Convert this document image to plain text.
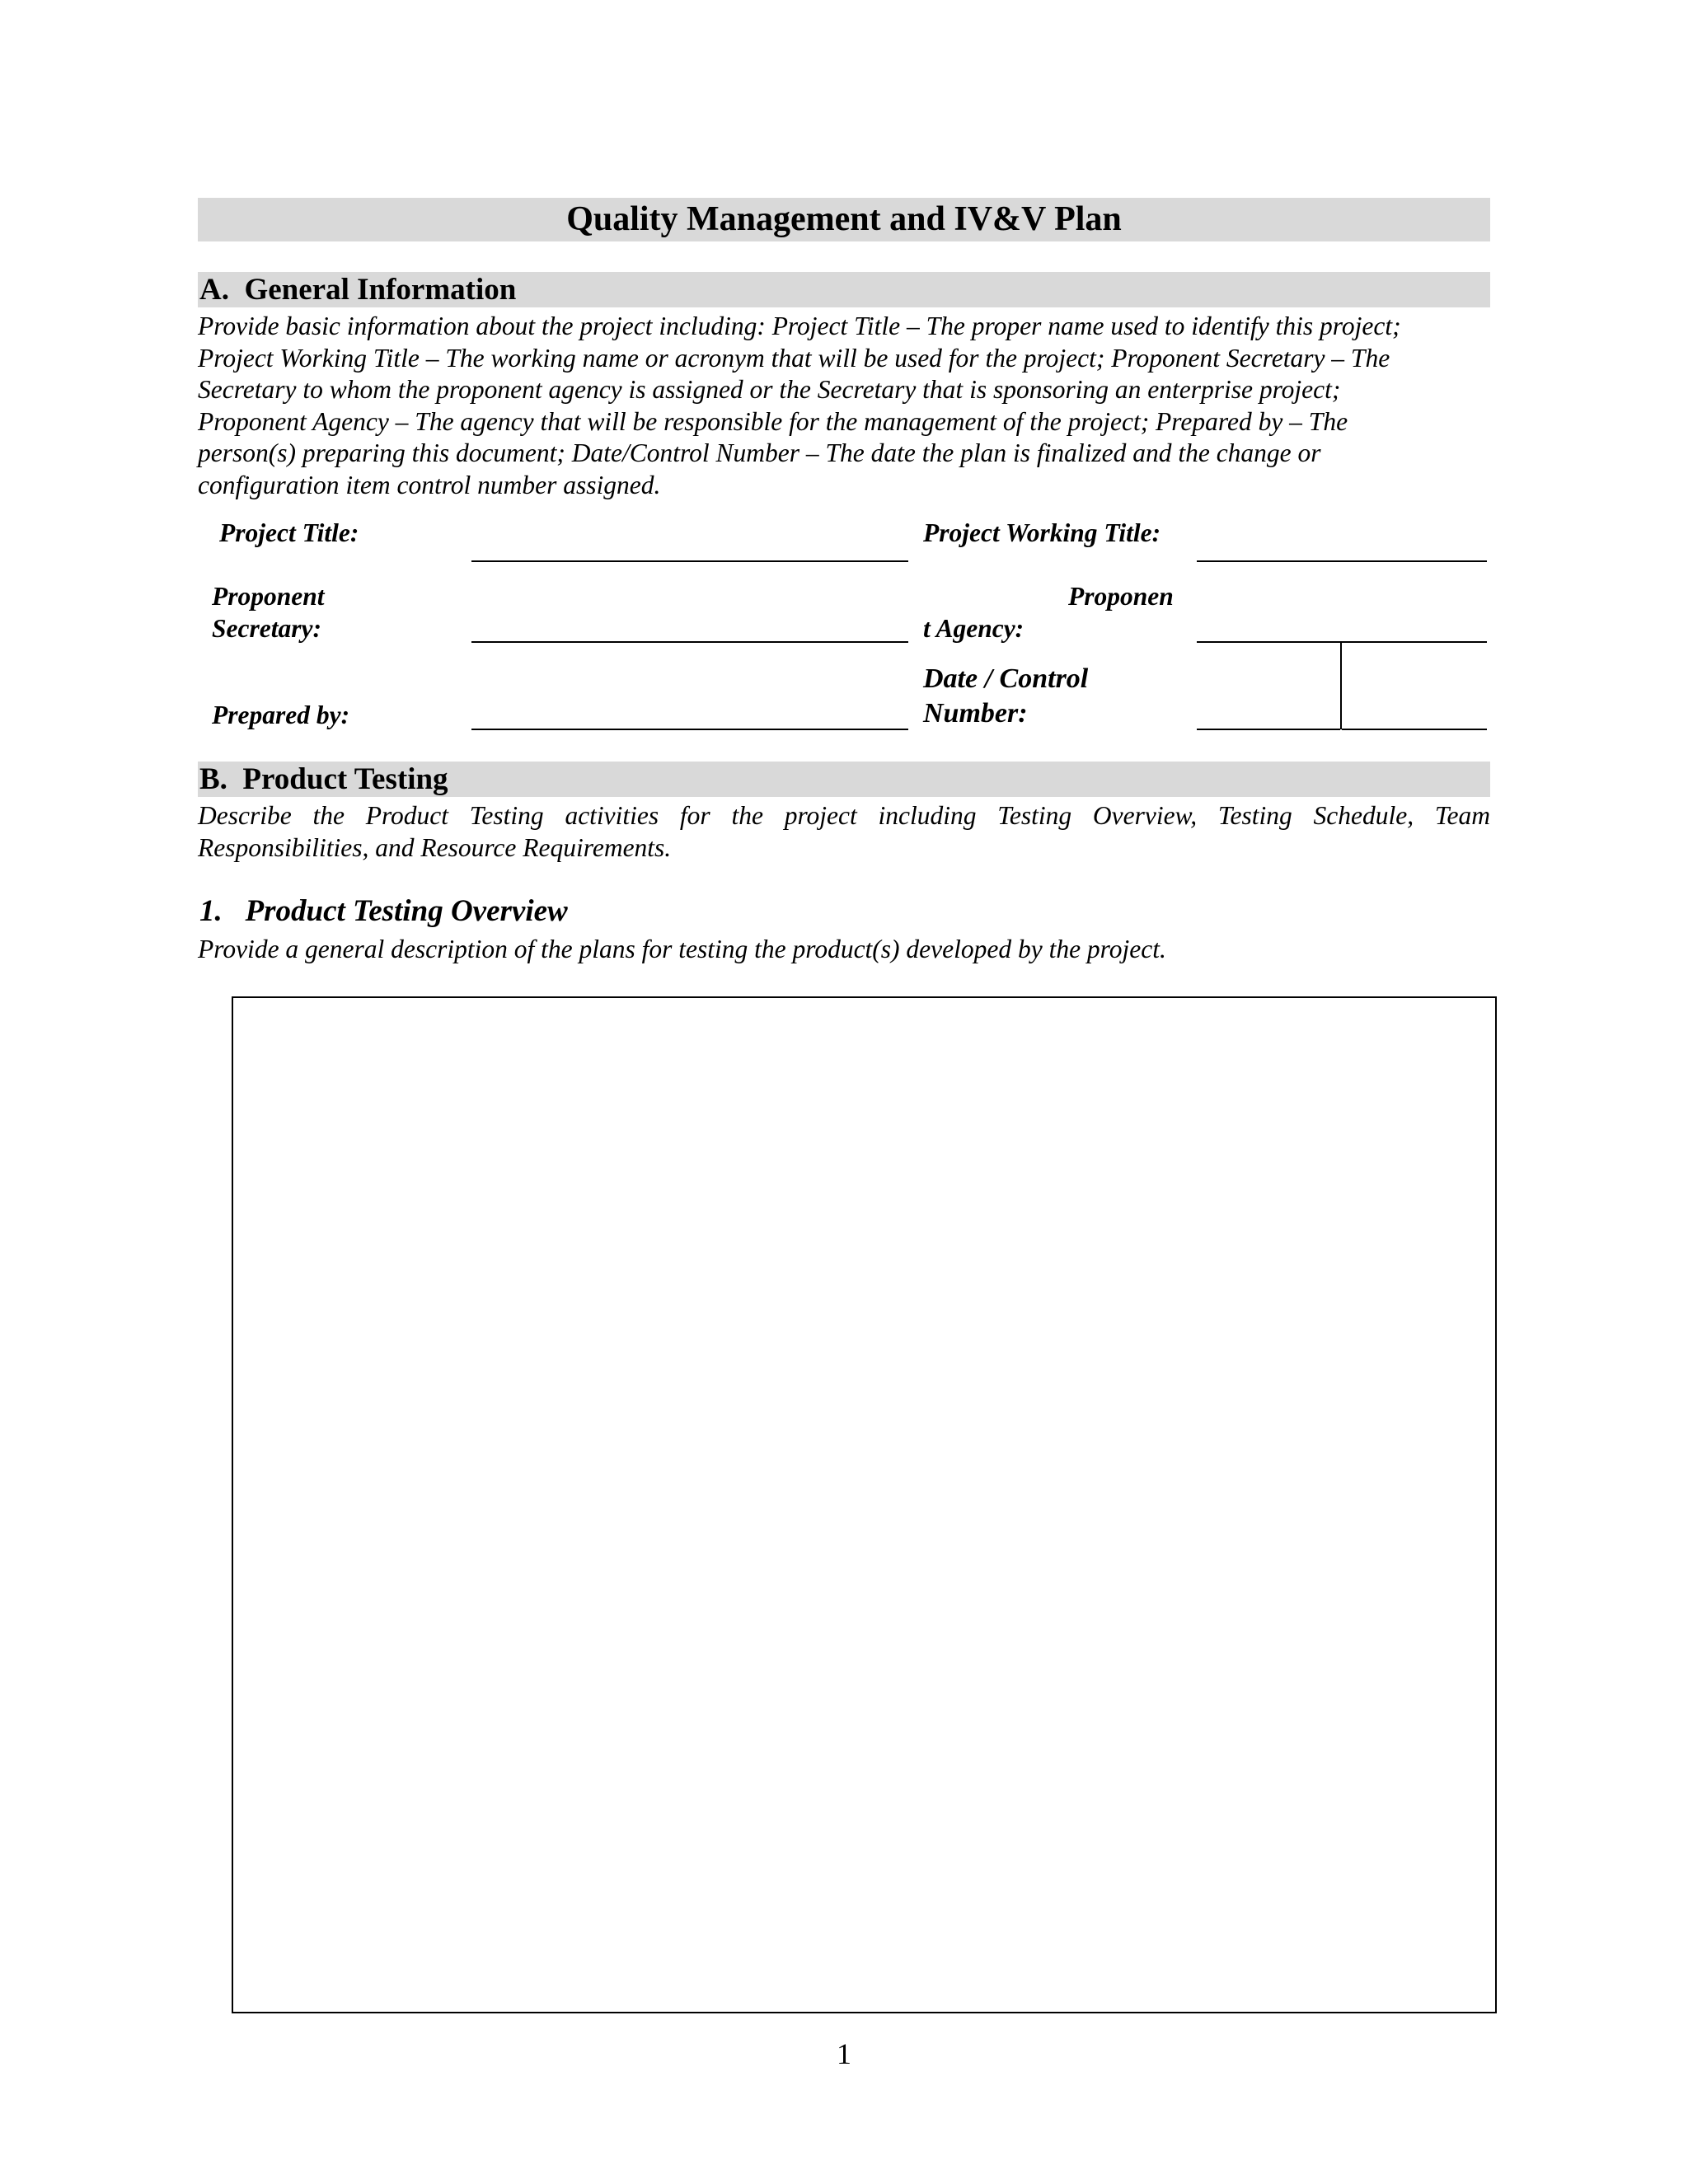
Quality Management and IV&V Plan
A.  General Information
Provide basic information about the project including: Project Title – The proper name used to identify this project;
Project Working Title – The working name or acronym that will be used for the project; Proponent Secretary – The
Secretary to whom the proponent agency is assigned or the Secretary that is sponsoring an enterprise project;
Proponent Agency – The agency that will be responsible for the management of the project; Prepared by – The
person(s) preparing this document; Date/Control Number – The date the plan is finalized and the change or
configuration item control number assigned.
Project Title:	Project Working Title:
Proponent
Secretary:
Proponen
t Agency:
Prepared by:
Date / Control
Number:
B.  Product Testing
Describe the Product Testing activities for the project including Testing Overview, Testing Schedule, Team
Responsibilities, and Resource Requirements.
1.   Product Testing Overview
Provide a general description of the plans for testing the product(s) developed by the project.
1
